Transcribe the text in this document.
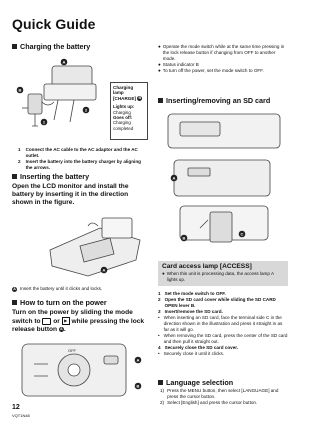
Quick Guide
Charging the battery
A
B
1
2
Charging lamp [CHARGE] B
Lights up:
Charging
Goes off:
Charging completed
1 Connect the AC cable to the AC adaptor and the AC outlet.
2 Insert the battery into the battery charger by aligning the arrows.
Inserting the battery
Open the LCD monitor and install the battery by inserting it in the direction shown in the figure.
A
A Insert the battery until it clicks and locks.
How to turn on the power
Turn on the power by sliding the mode switch to or ▶ while pressing the lock release button A.
OFF
A
B
12
VQT1N48
● Operate the mode switch while at the same time pressing in the lock release button if changing from OFF to another mode.
● Status indicator B
● To turn off the power, set the mode switch to OFF.
Inserting/removing an SD card
A
B
C
Card access lamp [ACCESS]
● When this unit is processing data, the access lamp A lights up.
1 Set the mode switch to OFF.
2 Open the SD card cover while sliding the SD CARD OPEN lever B.
3 Insert/remove the SD card.
• When inserting an SD card, face the terminal side C in the direction shown in the illustration and press it straight in as far as it will go.
• When removing the SD card, press the center of the SD card and then pull it straight out.
4 Securely close the SD card cover.
• Securely close it until it clicks.
Language selection
1) Press the MENU button, then select [LANGUAGE] and press the cursor button.
2) Select [English] and press the cursor button.
